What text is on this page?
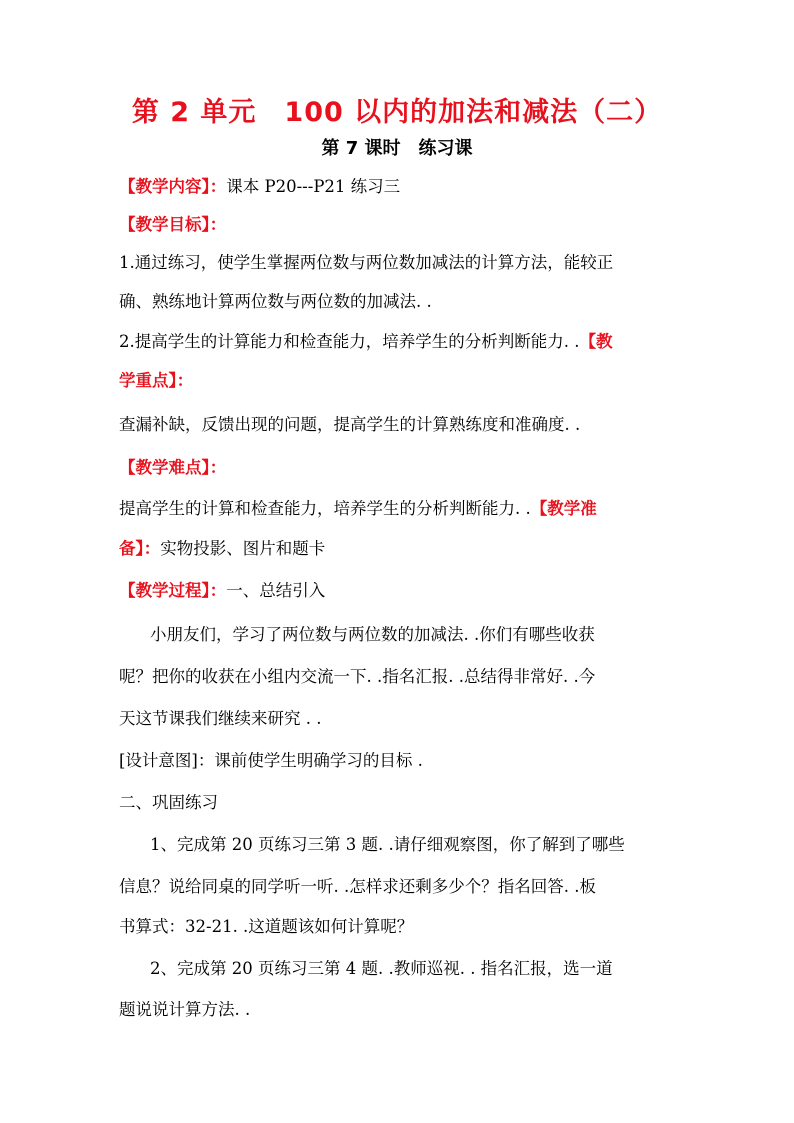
第 2 单元 100 以内的加法和减法（二）
第 7 课时 练习课
【教学内容】：课本 P20---P21 练习三
【教学目标】：
1.通过练习，使学生掌握两位数与两位数加减法的计算方法，能较正
确、熟练地计算两位数与两位数的加减法. .
2.提高学生的计算能力和检查能力，培养学生的分析判断能力. .【教
学重点】：
查漏补缺，反馈出现的问题，提高学生的计算熟练度和准确度. .
【教学难点】：
提高学生的计算和检查能力，培养学生的分析判断能力. .【教学准
备】：实物投影、图片和题卡
【教学过程】：一、总结引入
小朋友们，学习了两位数与两位数的加减法. .你们有哪些收获
呢？把你的收获在小组内交流一下. .指名汇报. .总结得非常好. .今
天这节课我们继续来研究 . .
[设计意图]：课前使学生明确学习的目标 .
二、巩固练习
1、完成第 20 页练习三第 3 题. .请仔细观察图，你了解到了哪些
信息？说给同桌的同学听一听. .怎样求还剩多少个？指名回答. .板
书算式：32-21. .这道题该如何计算呢？
2、完成第 20 页练习三第 4 题. .教师巡视. . 指名汇报，选一道
题说说计算方法. .
